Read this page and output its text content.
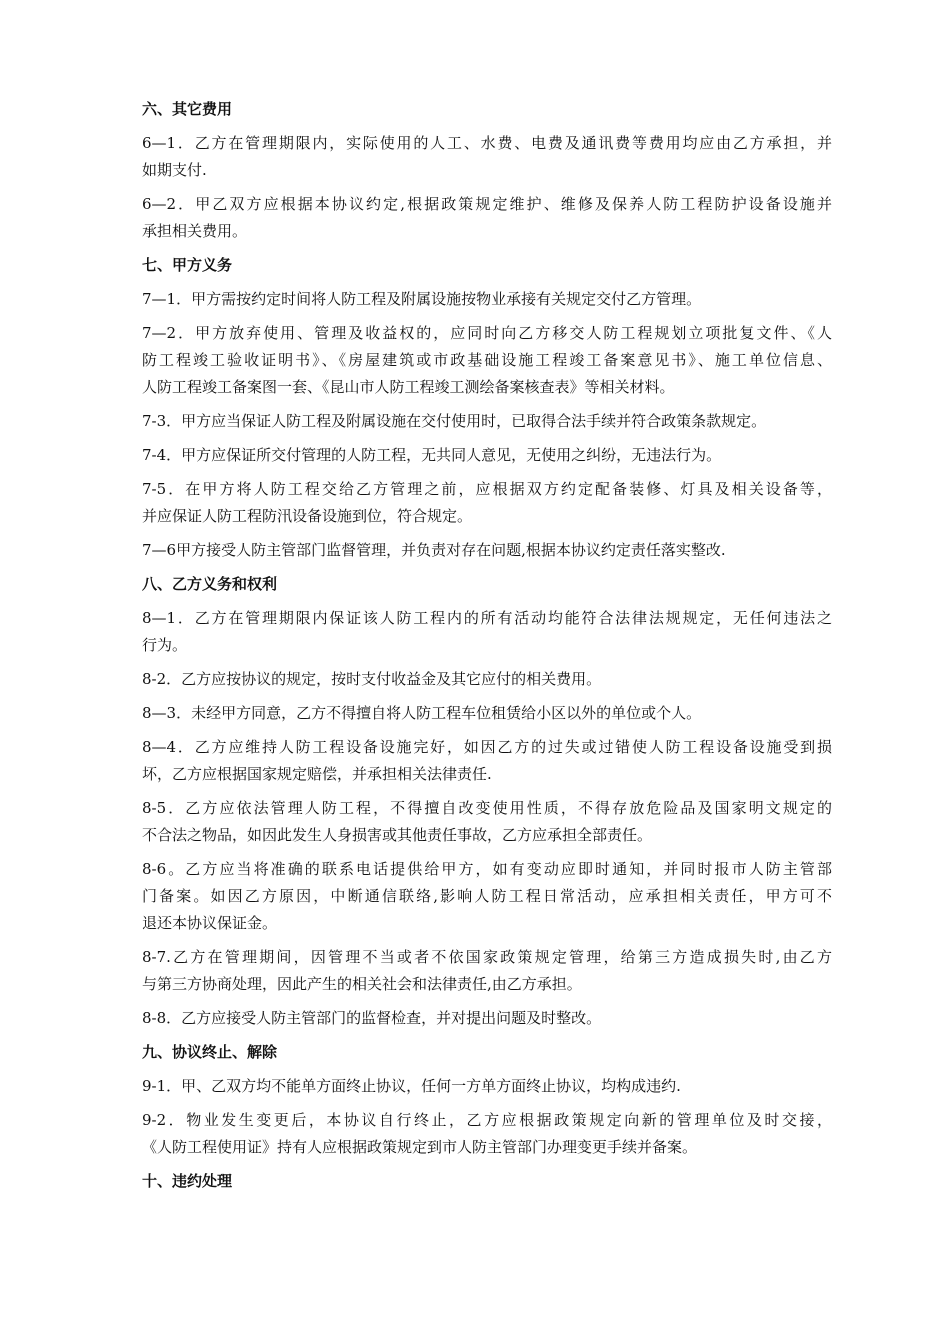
六、其它费用
6—1．乙方在管理期限内，实际使用的人工、水费、电费及通讯费等费用均应由乙方承担，并
如期支付.
6—2．甲乙双方应根据本协议约定,根据政策规定维护、维修及保养人防工程防护设备设施并
承担相关费用。
七、甲方义务
7—1．甲方需按约定时间将人防工程及附属设施按物业承接有关规定交付乙方管理。
7—2．甲方放弃使用、管理及收益权的，应同时向乙方移交人防工程规划立项批复文件、《人
防工程竣工验收证明书》、《房屋建筑或市政基础设施工程竣工备案意见书》、施工单位信息、
人防工程竣工备案图一套、《昆山市人防工程竣工测绘备案核查表》等相关材料。
7-3．甲方应当保证人防工程及附属设施在交付使用时，已取得合法手续并符合政策条款规定。
7-4．甲方应保证所交付管理的人防工程，无共同人意见，无使用之纠纷，无违法行为。
7-5．在甲方将人防工程交给乙方管理之前，应根据双方约定配备装修、灯具及相关设备等，
并应保证人防工程防汛设备设施到位，符合规定。
7—6甲方接受人防主管部门监督管理，并负责对存在问题,根据本协议约定责任落实整改.
八、乙方义务和权利
8—1．乙方在管理期限内保证该人防工程内的所有活动均能符合法律法规规定，无任何违法之
行为。
8-2．乙方应按协议的规定，按时支付收益金及其它应付的相关费用。
8—3．未经甲方同意，乙方不得擅自将人防工程车位租赁给小区以外的单位或个人。
8—4．乙方应维持人防工程设备设施完好，如因乙方的过失或过错使人防工程设备设施受到损
坏，乙方应根据国家规定赔偿，并承担相关法律责任.
8-5．乙方应依法管理人防工程，不得擅自改变使用性质，不得存放危险品及国家明文规定的
不合法之物品，如因此发生人身损害或其他责任事故，乙方应承担全部责任。
8-6。乙方应当将准确的联系电话提供给甲方，如有变动应即时通知，并同时报市人防主管部
门备案。如因乙方原因，中断通信联络,影响人防工程日常活动，应承担相关责任，甲方可不
退还本协议保证金。
8-7.乙方在管理期间，因管理不当或者不依国家政策规定管理，给第三方造成损失时,由乙方
与第三方协商处理，因此产生的相关社会和法律责任,由乙方承担。
8-8．乙方应接受人防主管部门的监督检查，并对提出问题及时整改。
九、协议终止、解除
9-1．甲、乙双方均不能单方面终止协议，任何一方单方面终止协议，均构成违约.
9-2．物业发生变更后，本协议自行终止，乙方应根据政策规定向新的管理单位及时交接，
《人防工程使用证》持有人应根据政策规定到市人防主管部门办理变更手续并备案。
十、违约处理
